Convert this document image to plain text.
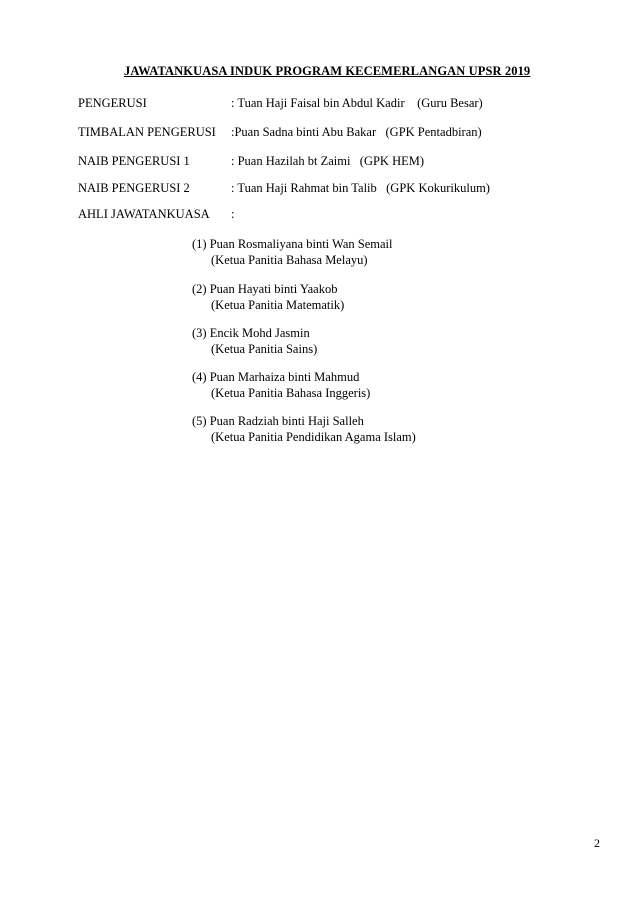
JAWATANKUASA INDUK PROGRAM KECEMERLANGAN UPSR 2019
PENGERUSI	: Tuan Haji Faisal bin Abdul Kadir    (Guru Besar)
TIMBALAN PENGERUSI :Puan Sadna binti Abu Bakar   (GPK Pentadbiran)
NAIB PENGERUSI 1	: Puan Hazilah bt Zaimi   (GPK HEM)
NAIB PENGERUSI 2	: Tuan Haji Rahmat bin Talib   (GPK Kokurikulum)
AHLI JAWATANKUASA :
(1) Puan Rosmaliyana binti Wan Semail
(Ketua Panitia Bahasa Melayu)
(2) Puan Hayati binti Yaakob
(Ketua Panitia Matematik)
(3) Encik Mohd Jasmin
(Ketua Panitia Sains)
(4) Puan Marhaiza binti Mahmud
(Ketua Panitia Bahasa Inggeris)
(5) Puan Radziah binti Haji Salleh
(Ketua Panitia Pendidikan Agama Islam)
2
